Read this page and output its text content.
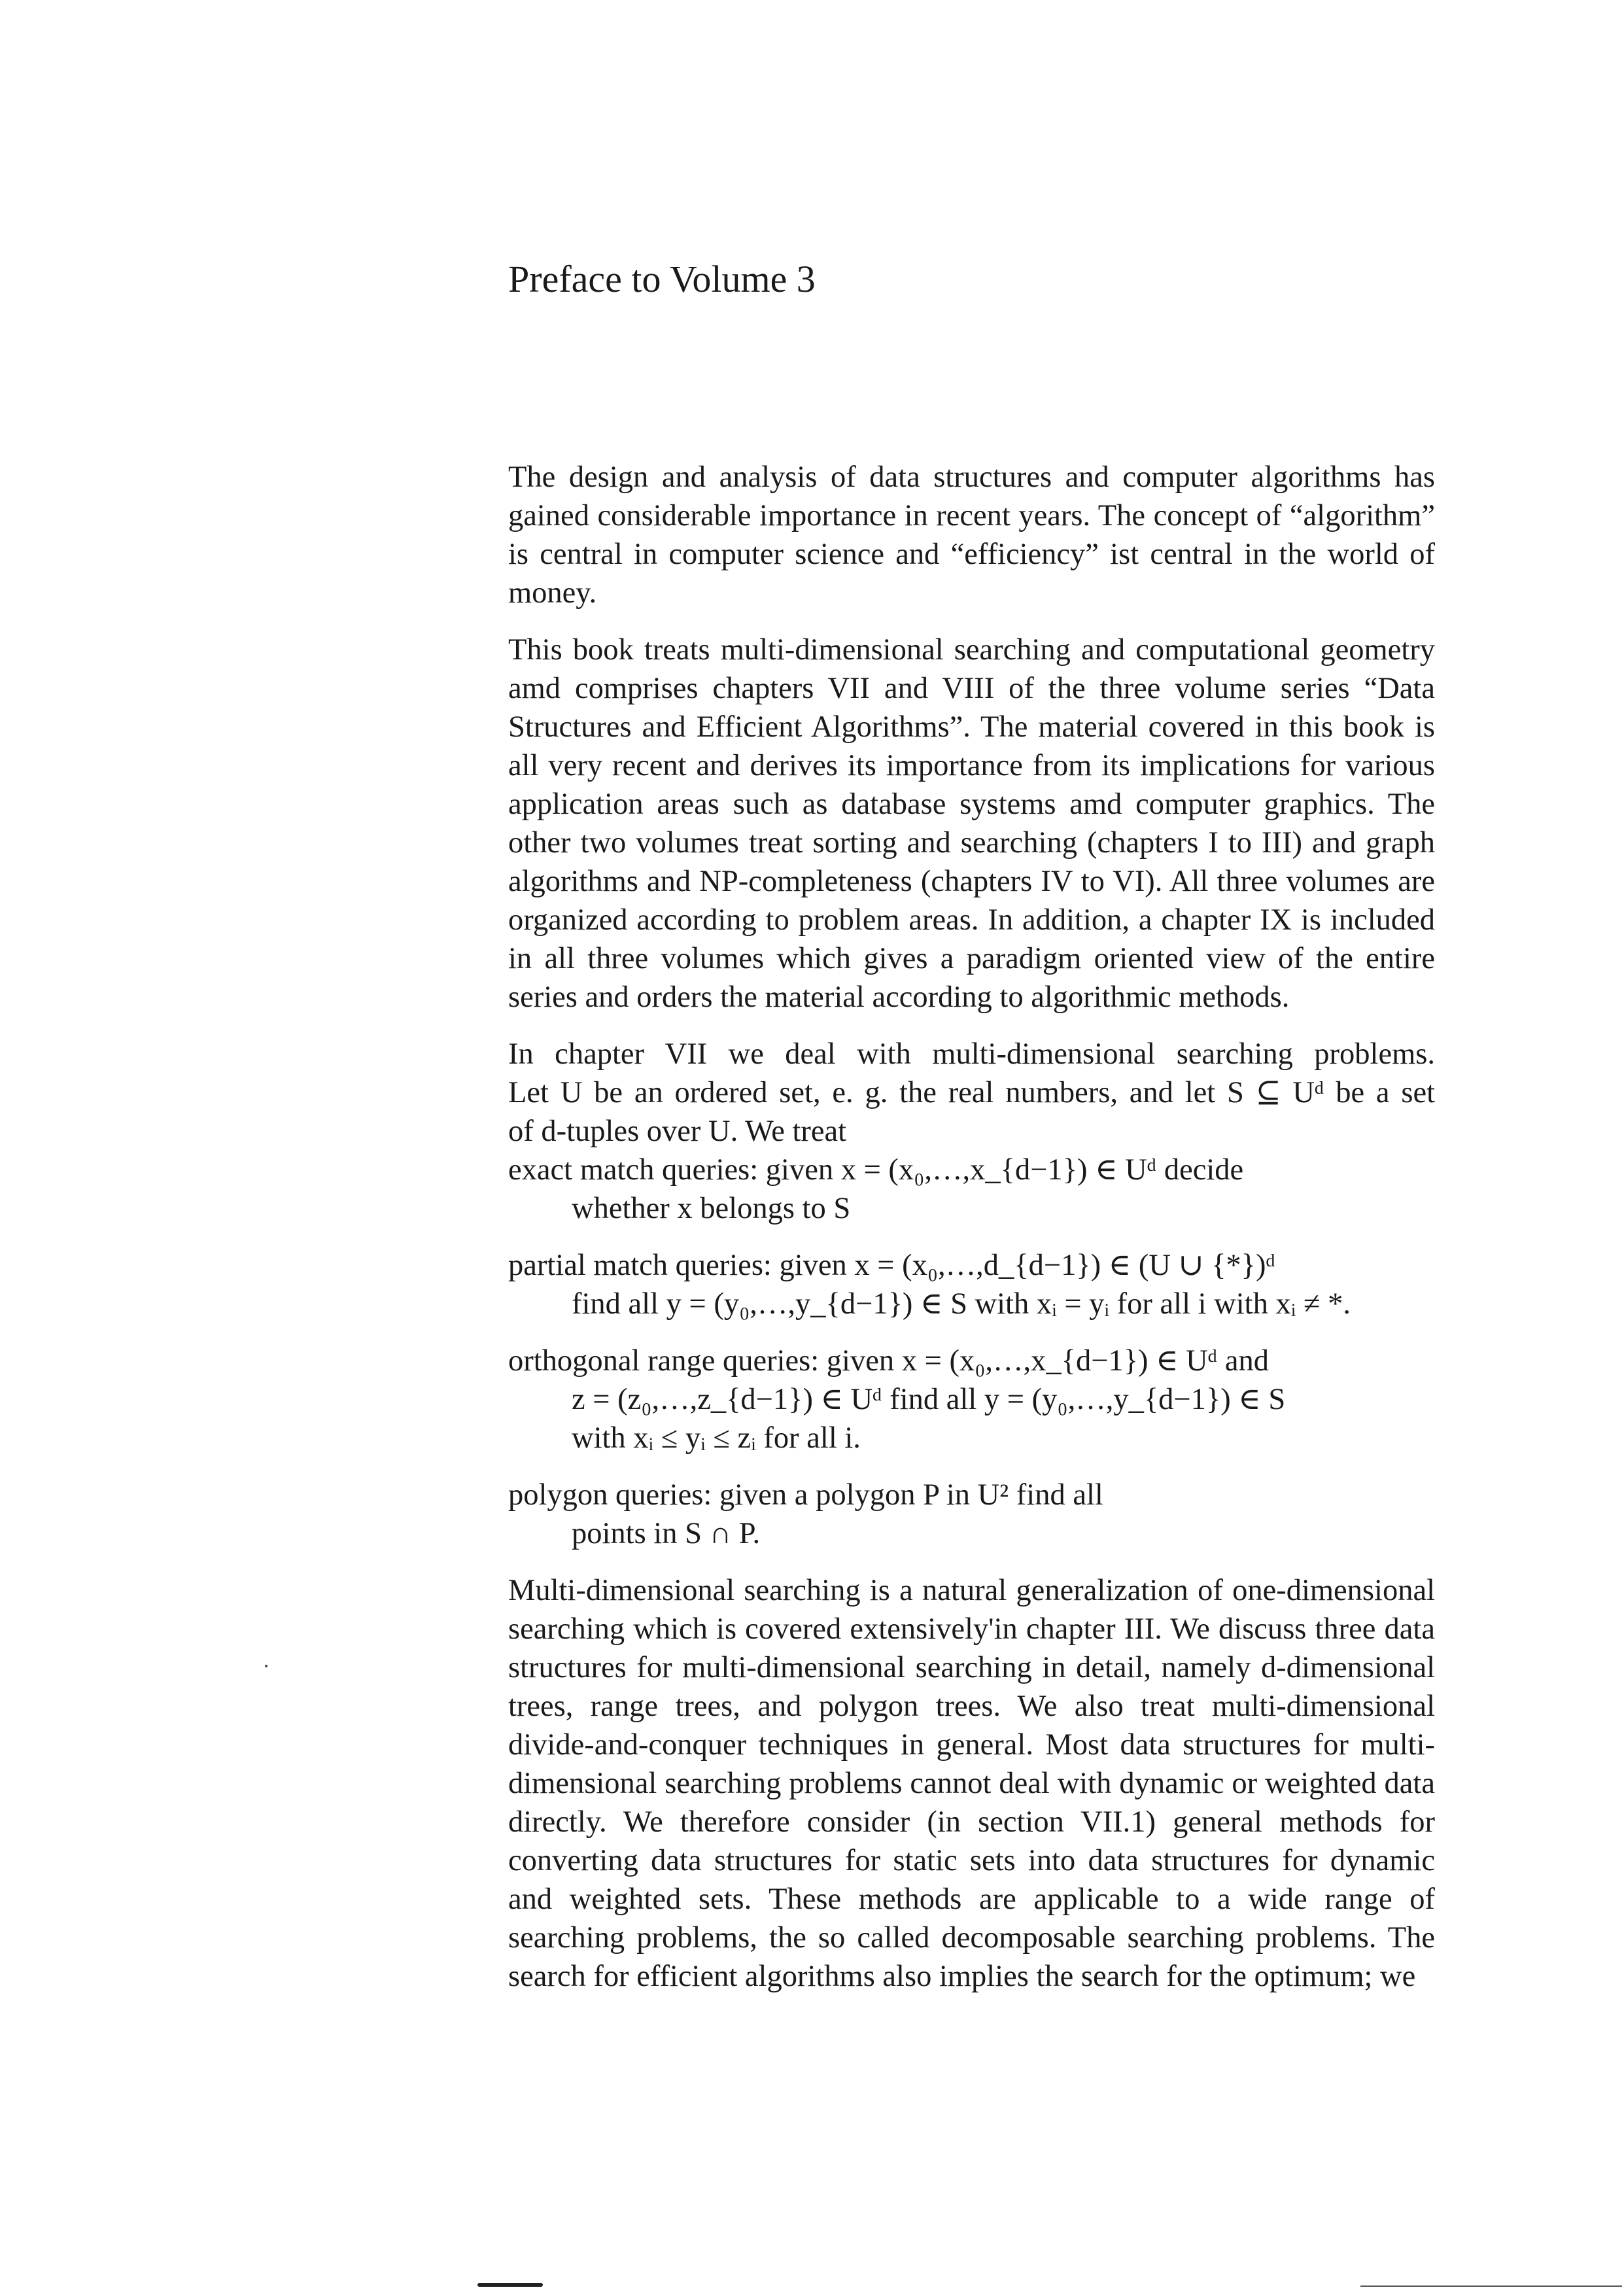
Preface to Volume 3

The design and analysis of data structures and computer algorithms has gained considerable importance in recent years. The concept of “algorithm” is central in computer science and “efficiency” ist central in the world of money.

This book treats multi-dimensional searching and computational geometry amd comprises chapters VII and VIII of the three volume series “Data Structures and Efficient Algorithms”. The material covered in this book is all very recent and derives its importance from its implications for various application areas such as database systems amd computer graphics. The other two volumes treat sorting and searching (chapters I to III) and graph algorithms and NP-completeness (chapters IV to VI). All three volumes are organized according to problem areas. In addition, a chapter IX is included in all three volumes which gives a paradigm oriented view of the entire series and orders the material according to algorithmic methods.

In chapter VII we deal with multi-dimensional searching problems.
Let U be an ordered set, e. g. the real numbers, and let S ⊆ Uᵈ be a set
of d-tuples over U. We treat
exact match queries: given x = (x₀,…,x_{d−1}) ∈ Uᵈ decide
whether x belongs to S
partial match queries: given x = (x₀,…,d_{d−1}) ∈ (U ∪ {*})ᵈ
find all y = (y₀,…,y_{d−1}) ∈ S with xᵢ = yᵢ for all i with xᵢ ≠ *.
orthogonal range queries: given x = (x₀,…,x_{d−1}) ∈ Uᵈ and
z = (z₀,…,z_{d−1}) ∈ Uᵈ find all y = (y₀,…,y_{d−1}) ∈ S
with xᵢ ≤ yᵢ ≤ zᵢ for all i.
polygon queries: given a polygon P in U² find all
points in S ∩ P.

Multi-dimensional searching is a natural generalization of one-dimensional searching which is covered extensively'in chapter III. We discuss three data structures for multi-dimensional searching in detail, namely d-dimensional trees, range trees, and polygon trees. We also treat multi-dimensional divide-and-conquer techniques in general. Most data structures for multi-dimensional searching problems cannot deal with dynamic or weighted data directly. We therefore consider (in section VII.1) general methods for converting data structures for static sets into data structures for dynamic and weighted sets. These methods are applicable to a wide range of searching problems, the so called decomposable searching problems. The search for efficient algorithms also implies the search for the optimum; we
